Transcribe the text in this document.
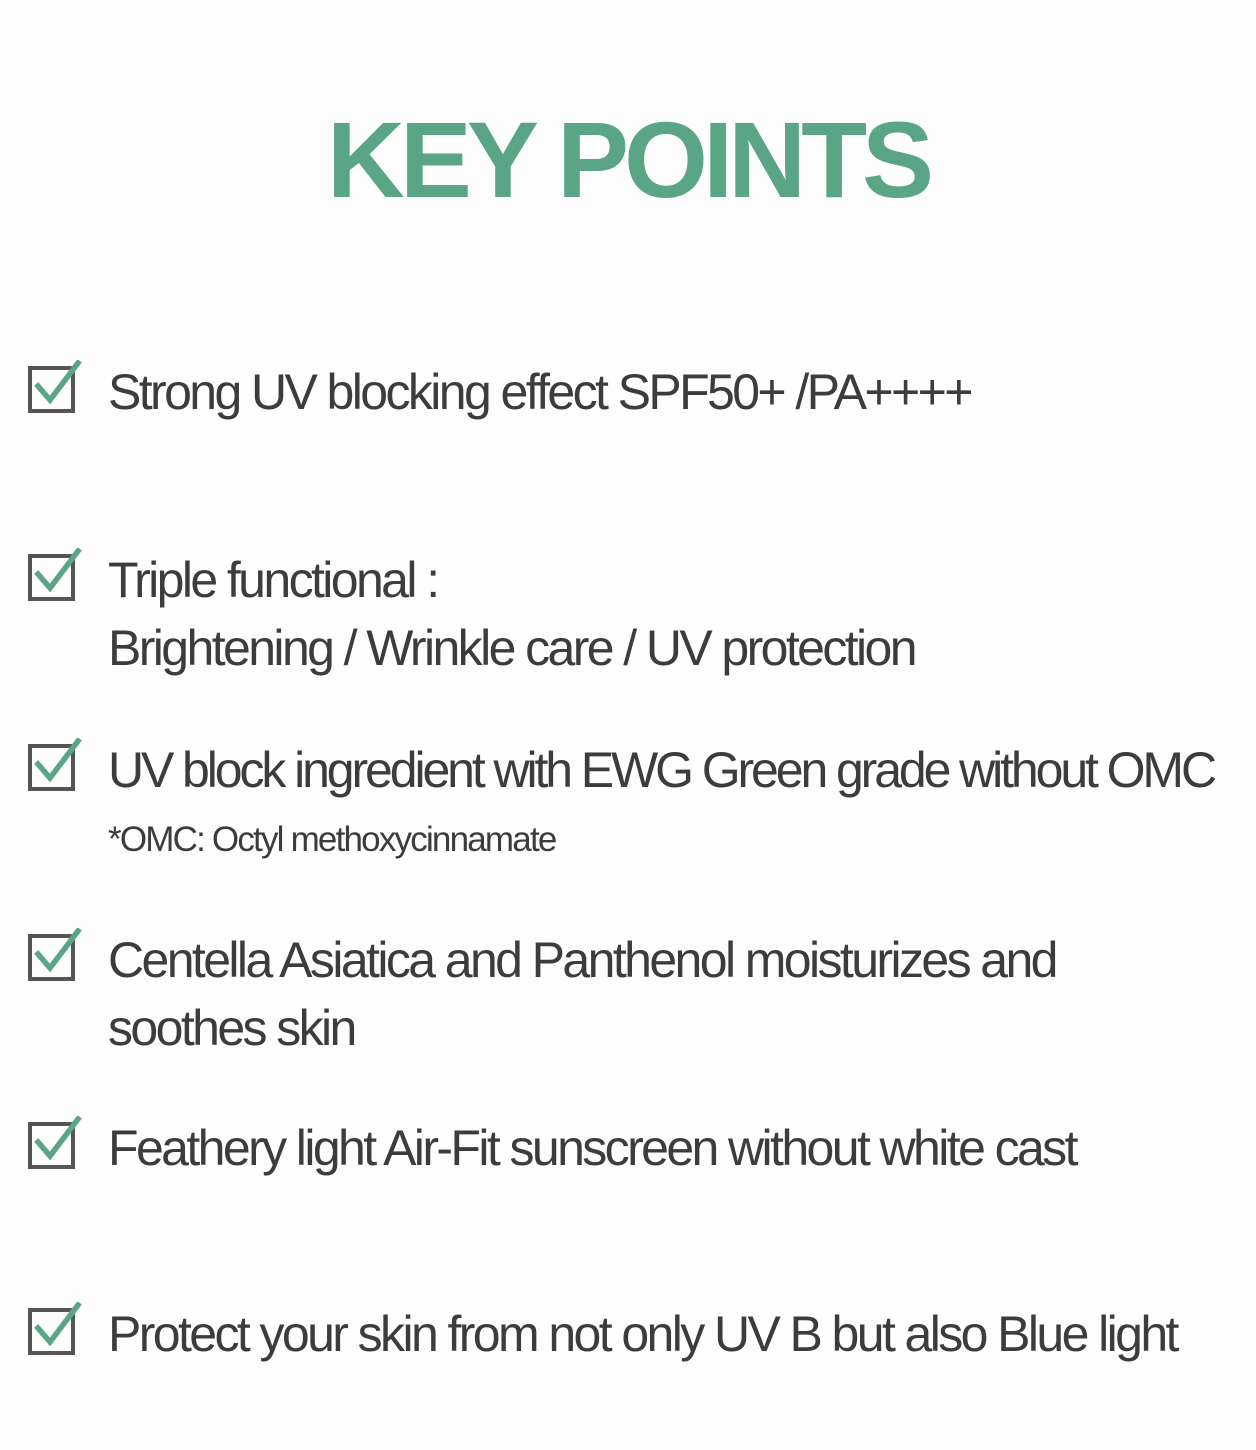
KEY POINTS
Strong UV blocking effect SPF50+ /PA++++
Triple functional :
Brightening / Wrinkle care / UV protection
UV block ingredient with EWG Green grade without OMC
*OMC: Octyl methoxycinnamate
Centella Asiatica and Panthenol moisturizes and
soothes skin
Feathery light Air-Fit sunscreen without white cast
Protect your skin from not only UV B but also Blue light
